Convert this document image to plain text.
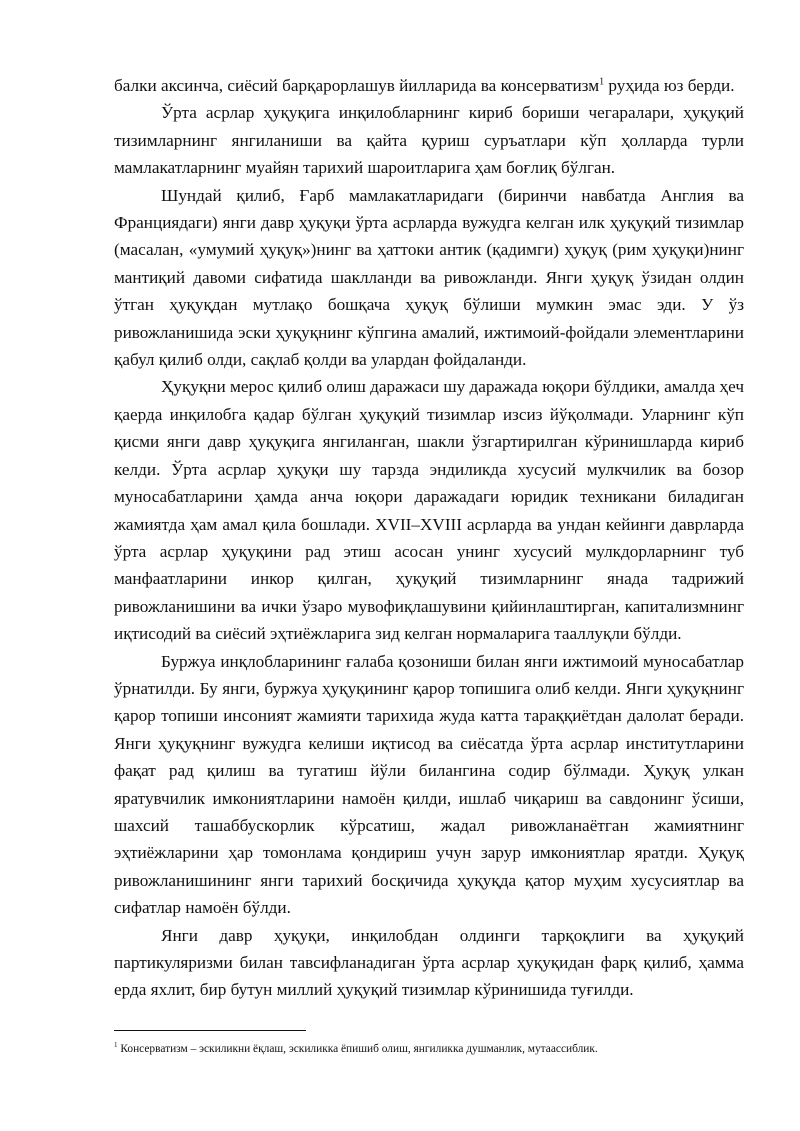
балки аксинча, сиёсий барқарорлашув йилларида ва консерватизм$^1$ руҳида юз берди.

Ўрта асрлар ҳуқуқига инқилобларнинг кириб бориши чегаралари, ҳуқуқий тизимларнинг янгиланиши ва қайта қуриш суръатлари кўп ҳолларда турли мамлакатларнинг муайян тарихий шароитларига ҳам боғлиқ бўлган.

Шундай қилиб, Ғарб мамлакатларидаги (биринчи навбатда Англия ва Франциядаги) янги давр ҳуқуқи ўрта асрларда вужудга келган илк ҳуқуқий тизимлар (масалан, «умумий ҳуқуқ»)нинг ва ҳаттоки антик (қадимги) ҳуқуқ (рим ҳуқуқи)нинг мантиқий давоми сифатида шаклланди ва ривожланди. Янги ҳуқуқ ўзидан олдин ўтган ҳуқуқдан мутлақо бошқача ҳуқуқ бўлиши мумкин эмас эди. У ўз ривожланишида эски ҳуқуқнинг кўпгина амалий, ижтимоий-фойдали элементларини қабул қилиб олди, сақлаб қолди ва улардан фойдаланди.

Ҳуқуқни мерос қилиб олиш даражаси шу даражада юқори бўлдики, амалда ҳеч қаерда инқилобга қадар бўлган ҳуқуқий тизимлар изсиз йўқолмади. Уларнинг кўп қисми янги давр ҳуқуқига янгиланган, шакли ўзгартирилган кўринишларда кириб келди. Ўрта асрлар ҳуқуқи шу тарзда эндиликда хусусий мулкчилик ва бозор муносабатларини ҳамда анча юқори даражадаги юридик техникани биладиган жамиятда ҳам амал қила бошлади. XVII–XVIII асрларда ва ундан кейинги даврларда ўрта асрлар ҳуқуқини рад этиш асосан унинг хусусий мулкдорларнинг туб манфаатларини инкор қилган, ҳуқуқий тизимларнинг янада тадрижий ривожланишини ва ички ўзаро мувофиқлашувини қийинлаштирган, капитализмнинг иқтисодий ва сиёсий эҳтиёжларига зид келган нормаларига тааллуқли бўлди.

Буржуа инқлобларининг ғалаба қозониши билан янги ижтимоий муносабатлар ўрнатилди. Бу янги, буржуа ҳуқуқининг қарор топишига олиб келди. Янги ҳуқуқнинг қарор топиши инсоният жамияти тарихида жуда катта тараққиётдан далолат беради. Янги ҳуқуқнинг вужудга келиши иқтисод ва сиёсатда ўрта асрлар институтларини фақат рад қилиш ва тугатиш йўли билангина содир бўлмади. Ҳуқуқ улкан яратувчилик имкониятларини намоён қилди, ишлаб чиқариш ва савдонинг ўсиши, шахсий ташаббускорлик кўрсатиш, жадал ривожланаётган жамиятнинг эҳтиёжларини ҳар томонлама қондириш учун зарур имкониятлар яратди. Ҳуқуқ ривожланишининг янги тарихий босқичида ҳуқуқда қатор муҳим хусусиятлар ва сифатлар намоён бўлди.

Янги давр ҳуқуқи, инқилобдан олдинги тарқоқлиги ва ҳуқуқий партикуляризми билан тавсифланадиган ўрта асрлар ҳуқуқидан фарқ қилиб, ҳамма ерда яхлит, бир бутун миллий ҳуқуқий тизимлар кўринишида туғилди.

$^1$ Консерватизм – эскиликни ёқлаш, эскиликка ёпишиб олиш, янгиликка душманлик, мутаассиблик.
